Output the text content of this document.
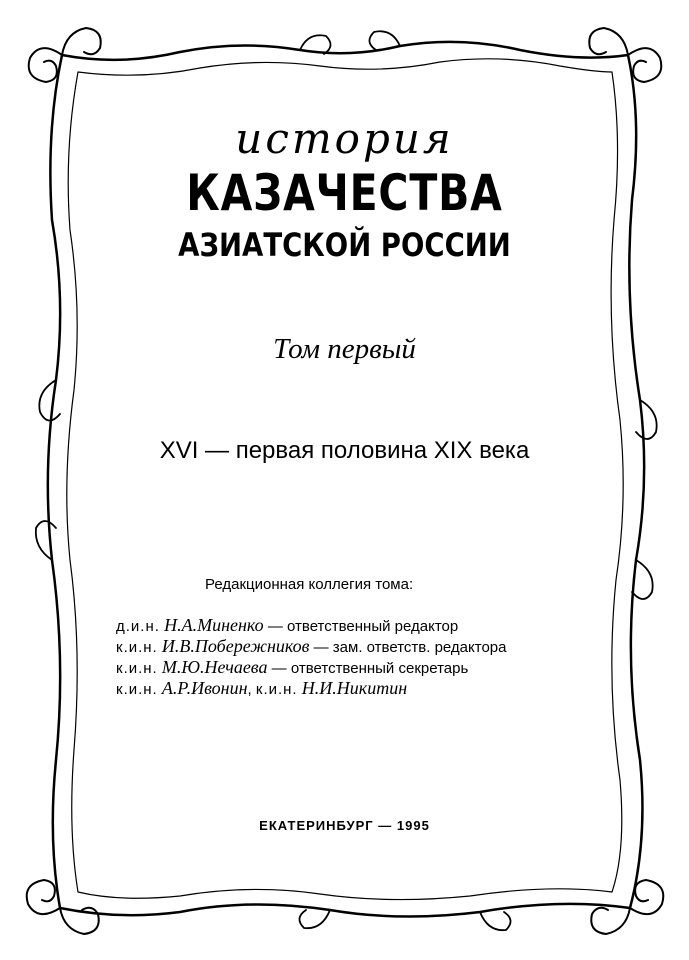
история
КАЗАЧЕСТВА
АЗИАТСКОЙ РОССИИ
Том первый
XVI — первая половина XIX века
Редакционная коллегия тома:
д.и.н. Н.А.Миненко — ответственный редактор
к.и.н. И.В.Побережников — зам. ответств. редактора
к.и.н. М.Ю.Нечаева — ответственный секретарь
к.и.н. А.Р.Ивонин, к.и.н. Н.И.Никитин
ЕКАТЕРИНБУРГ — 1995
